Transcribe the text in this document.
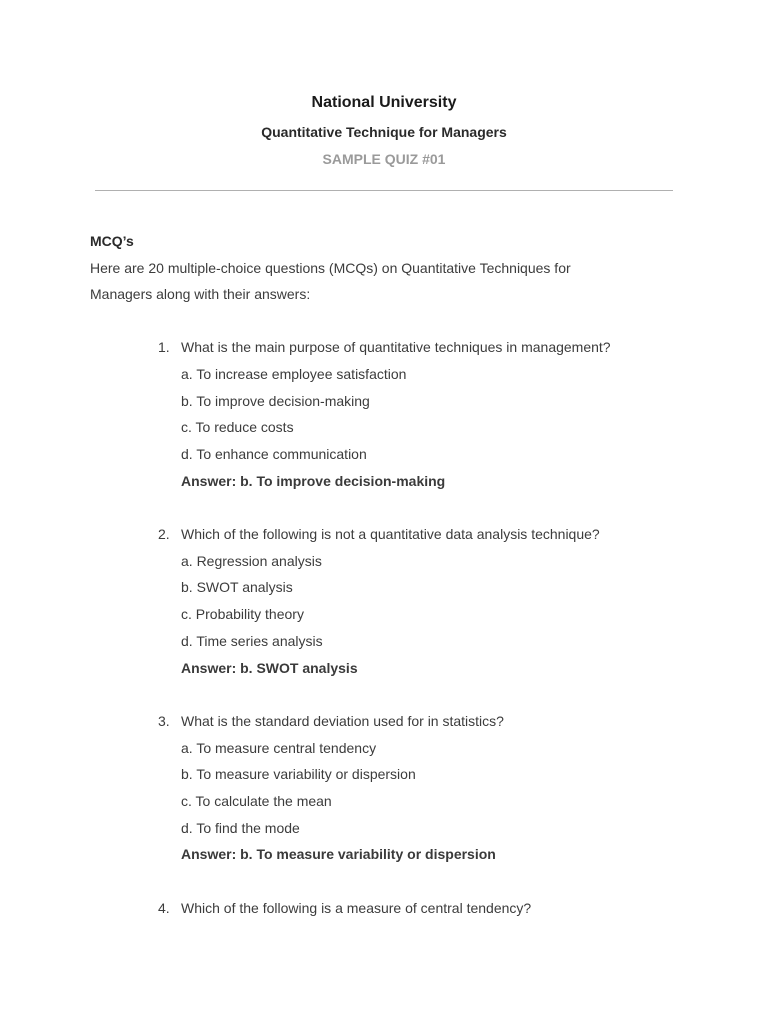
National University
Quantitative Technique for Managers
SAMPLE QUIZ #01
MCQ’s

Here are 20 multiple-choice questions (MCQs) on Quantitative Techniques for
Managers along with their answers:

1. What is the main purpose of quantitative techniques in management?
a. To increase employee satisfaction
b. To improve decision-making
c. To reduce costs
d. To enhance communication
Answer: b. To improve decision-making
2. Which of the following is not a quantitative data analysis technique?
a. Regression analysis
b. SWOT analysis
c. Probability theory
d. Time series analysis
Answer: b. SWOT analysis
3. What is the standard deviation used for in statistics?
a. To measure central tendency
b. To measure variability or dispersion
c. To calculate the mean
d. To find the mode
Answer: b. To measure variability or dispersion
4. Which of the following is a measure of central tendency?
